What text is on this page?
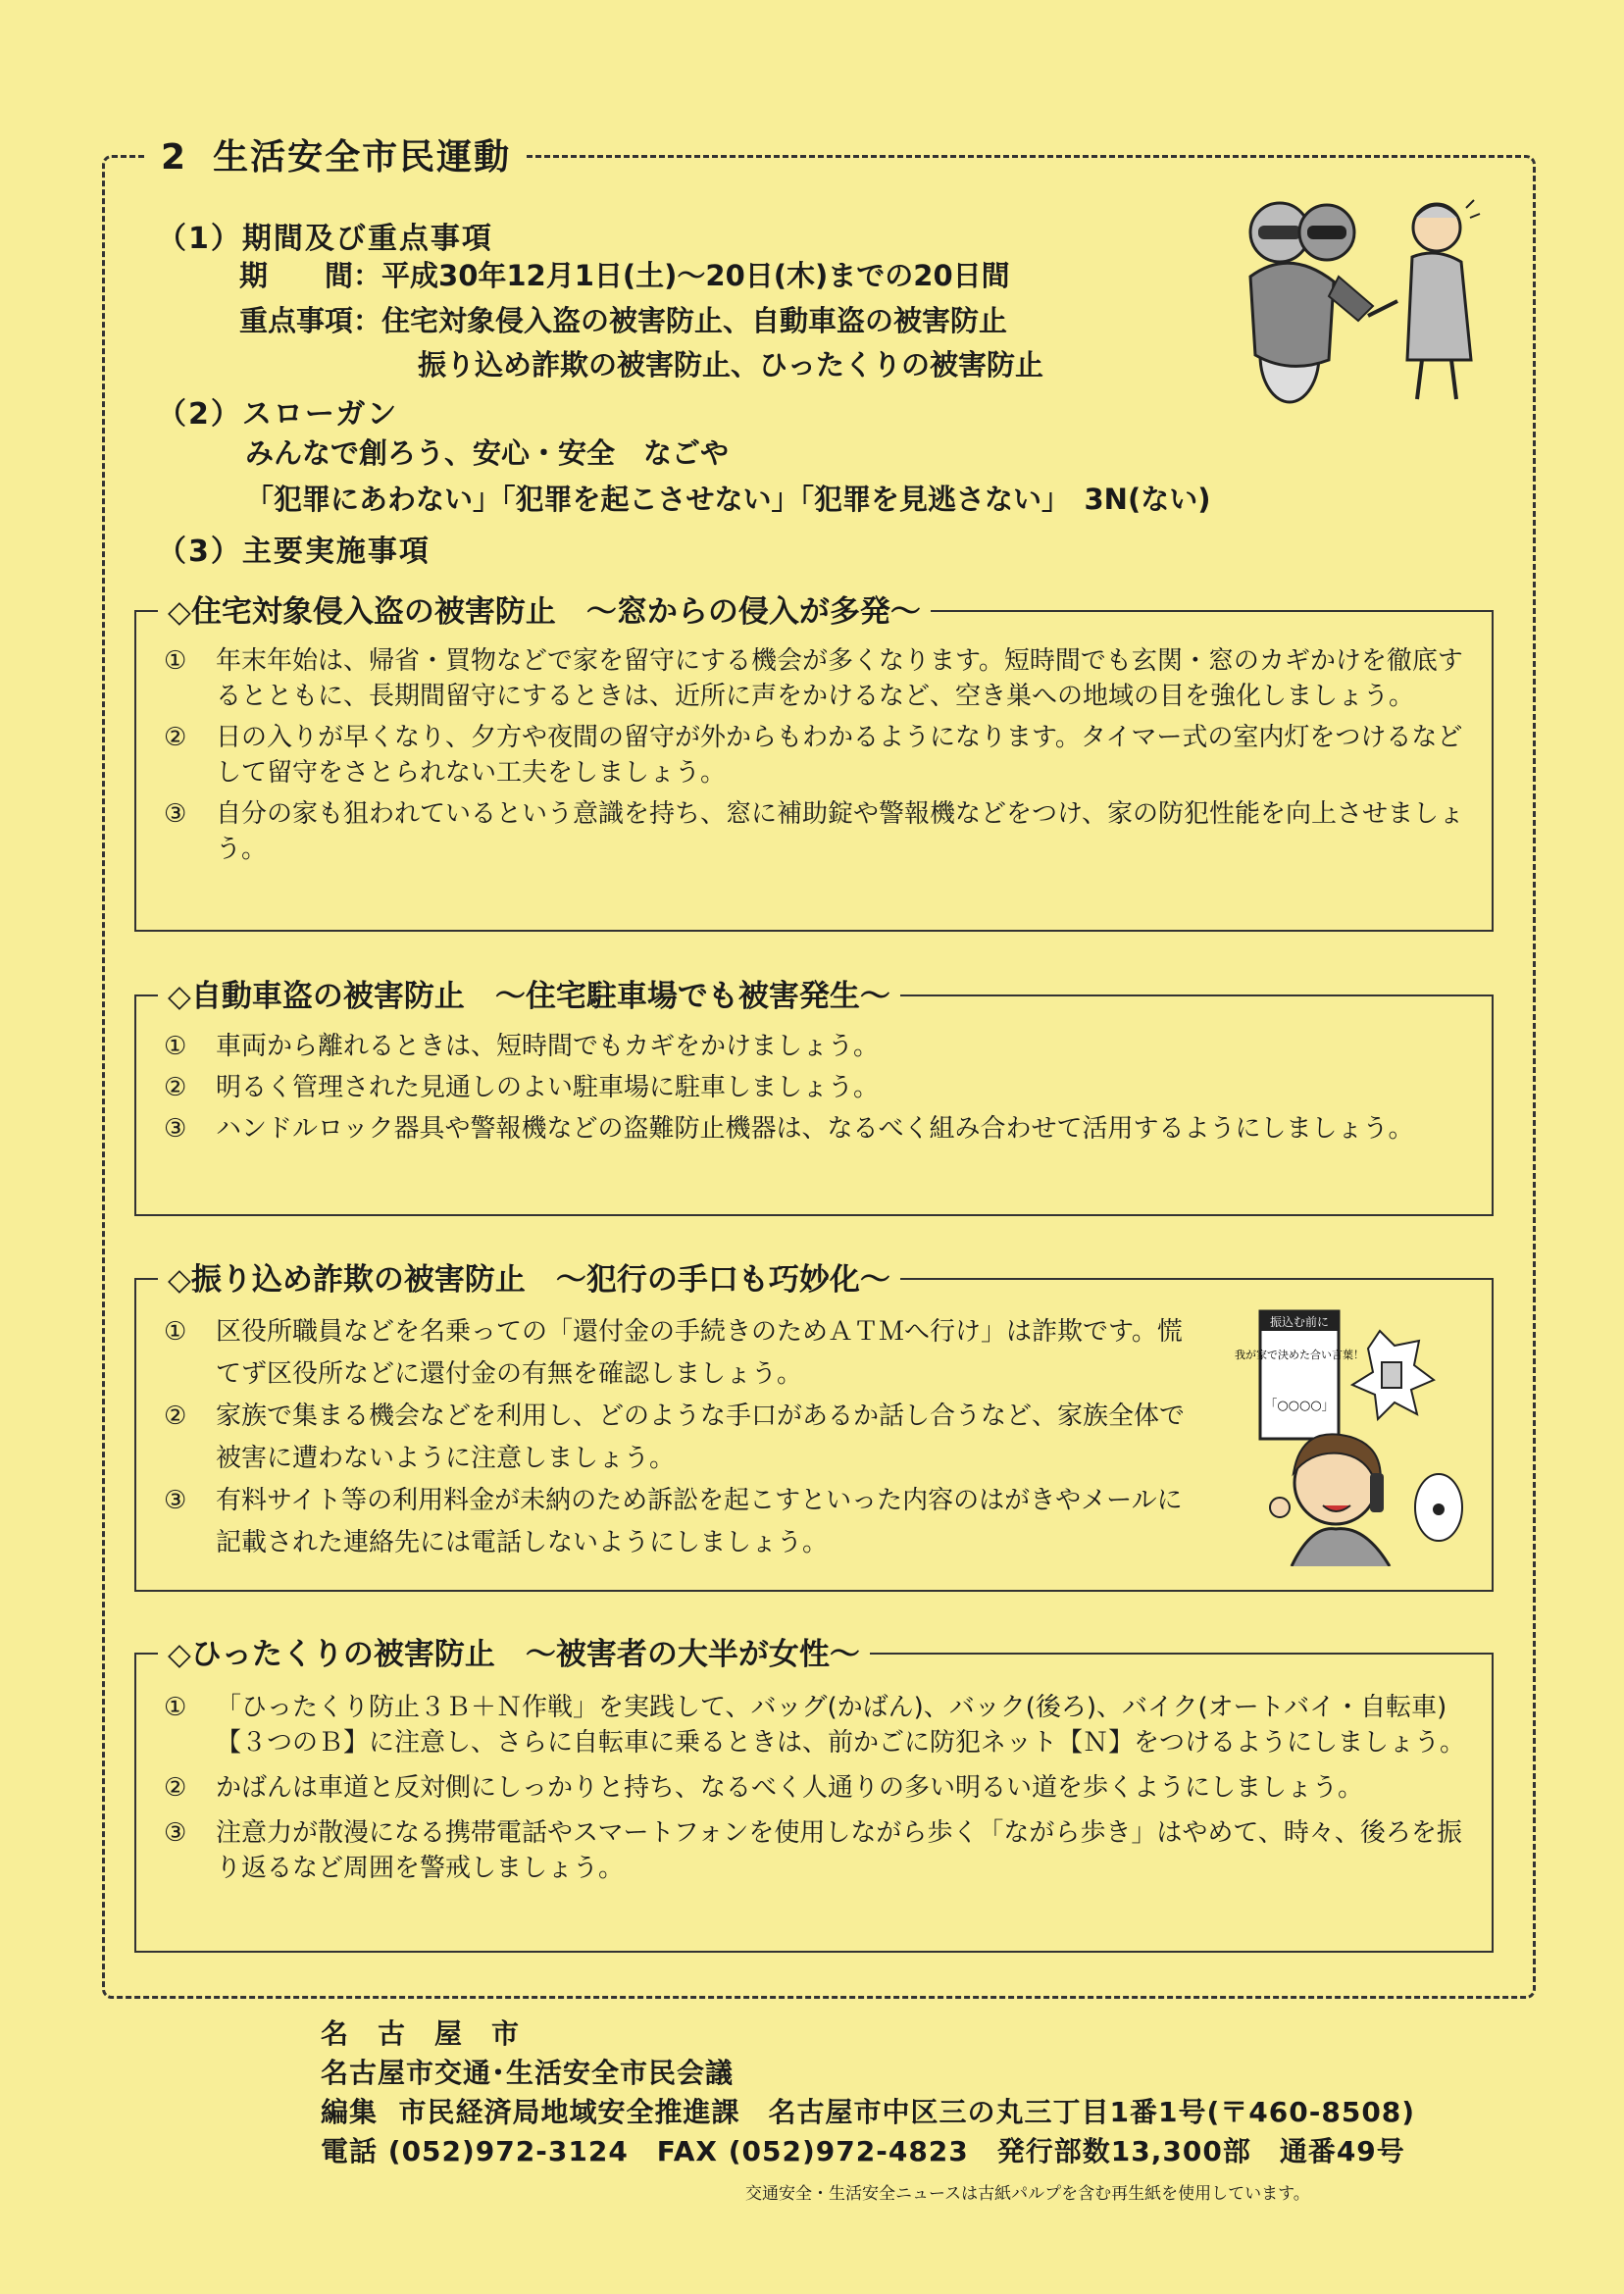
2 生活安全市民運動
（1）期間及び重点事項
期　　間：平成30年12月1日(土)～20日(木)までの20日間
重点事項：住宅対象侵入盗の被害防止、自動車盗の被害防止
振り込め詐欺の被害防止、ひったくりの被害防止
（2）スローガン
みんなで創ろう、安心・安全　なごや
「犯罪にあわない」「犯罪を起こさせない」「犯罪を見逃さない」　3N(ない)
（3）主要実施事項
◇住宅対象侵入盗の被害防止　～窓からの侵入が多発～
① 年末年始は、帰省・買物などで家を留守にする機会が多くなります。短時間でも玄関・窓のカギかけを徹底するとともに、長期間留守にするときは、近所に声をかけるなど、空き巣への地域の目を強化しましょう。
② 日の入りが早くなり、夕方や夜間の留守が外からもわかるようになります。タイマー式の室内灯をつけるなどして留守をさとられない工夫をしましょう。
③ 自分の家も狙われているという意識を持ち、窓に補助錠や警報機などをつけ、家の防犯性能を向上させましょう。
◇自動車盗の被害防止　～住宅駐車場でも被害発生～
① 車両から離れるときは、短時間でもカギをかけましょう。
② 明るく管理された見通しのよい駐車場に駐車しましょう。
③ ハンドルロック器具や警報機などの盗難防止機器は、なるべく組み合わせて活用するようにしましょう。
◇振り込め詐欺の被害防止　～犯行の手口も巧妙化～
① 区役所職員などを名乗っての「還付金の手続きのためＡＴＭへ行け」は詐欺です。慌てず区役所などに還付金の有無を確認しましょう。
② 家族で集まる機会などを利用し、どのような手口があるか話し合うなど、家族全体で被害に遭わないように注意しましょう。
③ 有料サイト等の利用料金が未納のため訴訟を起こすといった内容のはがきやメールに記載された連絡先には電話しないようにしましょう。
振込む前に
我が家で決めた合い言葉！
「○○○○」
◇ひったくりの被害防止　～被害者の大半が女性～
① 「ひったくり防止３Ｂ＋Ｎ作戦」を実践して、バッグ(かばん)、バック(後ろ)、バイク(オートバイ・自転車)【３つのＢ】に注意し、さらに自転車に乗るときは、前かごに防犯ネット【Ｎ】をつけるようにしましょう。
② かばんは車道と反対側にしっかりと持ち、なるべく人通りの多い明るい道を歩くようにしましょう。
③ 注意力が散漫になる携帯電話やスマートフォンを使用しながら歩く「ながら歩き」はやめて、時々、後ろを振り返るなど周囲を警戒しましょう。
名　古　屋　市
名古屋市交通･生活安全市民会議
編集 市民経済局地域安全推進課　名古屋市中区三の丸三丁目1番1号(〒460-8508)
電話 (052)972-3124　FAX (052)972-4823　発行部数13,300部　通番49号
交通安全・生活安全ニュースは古紙パルプを含む再生紙を使用しています。
